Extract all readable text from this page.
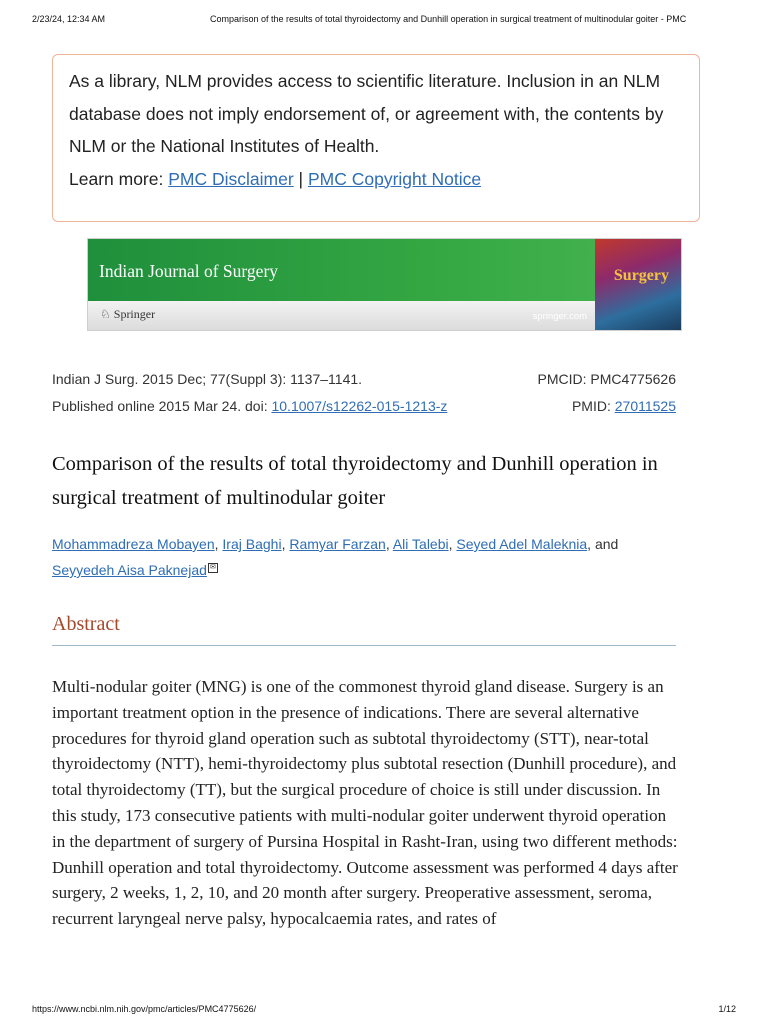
2/23/24, 12:34 AM	Comparison of the results of total thyroidectomy and Dunhill operation in surgical treatment of multinodular goiter - PMC

As a library, NLM provides access to scientific literature. Inclusion in an NLM database does not imply endorsement of, or agreement with, the contents by NLM or the National Institutes of Health.

Learn more: PMC Disclaimer | PMC Copyright Notice

Indian Journal of Surgery
♘ Springer	springer.com
Surgery
Indian J Surg. 2015 Dec; 77(Suppl 3): 1137–1141.
Published online 2015 Mar 24. doi: 10.1007/s12262-015-1213-z
PMCID: PMC4775626
PMID: 27011525
Comparison of the results of total thyroidectomy and Dunhill operation in surgical treatment of multinodular goiter
Mohammadreza Mobayen, Iraj Baghi, Ramyar Farzan, Ali Talebi, Seyed Adel Maleknia, and
Seyyedeh Aisa Paknejad ✉
Abstract

Multi-nodular goiter (MNG) is one of the commonest thyroid gland disease. Surgery is an important treatment option in the presence of indications. There are several alternative procedures for thyroid gland operation such as subtotal thyroidectomy (STT), near-total thyroidectomy (NTT), hemi-thyroidectomy plus subtotal resection (Dunhill procedure), and total thyroidectomy (TT), but the surgical procedure of choice is still under discussion. In this study, 173 consecutive patients with multi-nodular goiter underwent thyroid operation in the department of surgery of Pursina Hospital in Rasht-Iran, using two different methods: Dunhill operation and total thyroidectomy. Outcome assessment was performed 4 days after surgery, 2 weeks, 1, 2, 10, and 20 month after surgery. Preoperative assessment, seroma, recurrent laryngeal nerve palsy, hypocalcaemia rates, and rates of

https://www.ncbi.nlm.nih.gov/pmc/articles/PMC4775626/	1/12
